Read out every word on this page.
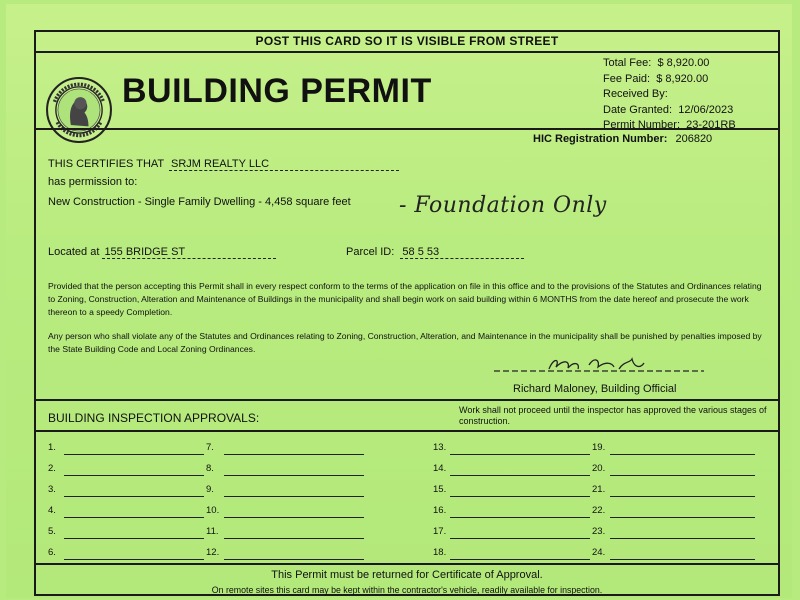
POST THIS CARD SO IT IS VISIBLE FROM STREET
BUILDING PERMIT
Total Fee:
$ 8,920.00
Fee Paid:
$ 8,920.00
Received By:
Date Granted:
12/06/2023
Permit Number:
23-201RB
HIC Registration Number: 206820
THIS CERTIFIES THAT SRJM REALTY LLC
has permission to:
New Construction - Single Family Dwelling - 4,458 square feet - Foundation Only
Located at 155 BRIDGE ST	Parcel ID: 58 5 53
Provided that the person accepting this Permit shall in every respect conform to the terms of the application on file in this office and to the provisions of the Statutes and Ordinances relating to Zoning, Construction, Alteration and Maintenance of Buildings in the municipality and shall begin work on said building within 6 MONTHS from the date hereof and prosecute the work thereon to a speedy Completion.
Any person who shall violate any of the Statutes and Ordinances relating to Zoning, Construction, Alteration, and Maintenance in the municipality shall be punished by penalties imposed by the State Building Code and Local Zoning Ordinances.
Richard Maloney, Building Official
BUILDING INSPECTION APPROVALS:
Work shall not proceed until the inspector has approved the various stages of construction.
1.
2.
3.
4.
5.
6.
7.
8.
9.
10.
11.
12.
13.
14.
15.
16.
17.
18.
19.
20.
21.
22.
23.
24.
This Permit must be returned for Certificate of Approval.
On remote sites this card may be kept within the contractor's vehicle, readily available for inspection.
